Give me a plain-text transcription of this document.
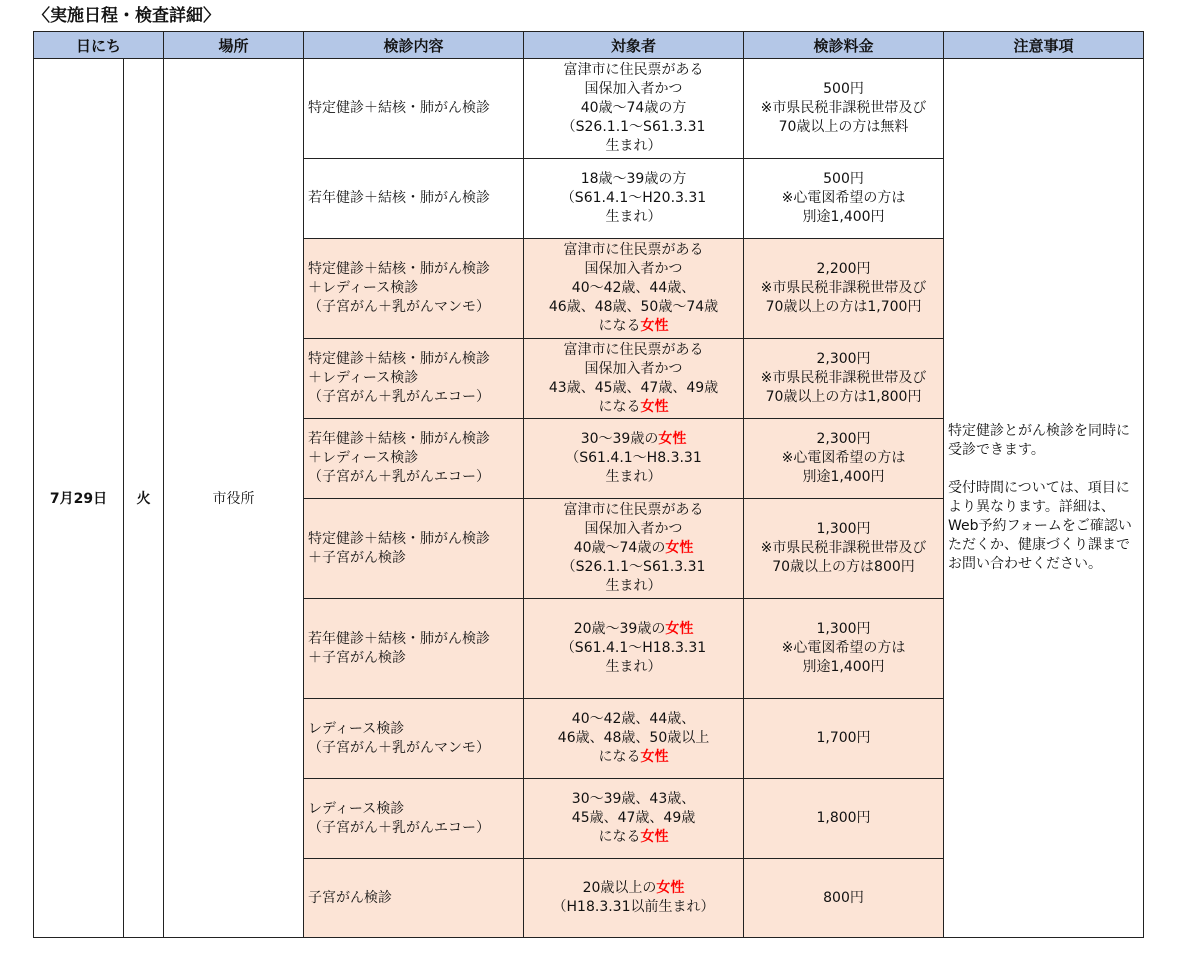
〈実施日程・検査詳細〉
日にち		場所	検診内容	対象者	検診料金	注意事項
7月29日	火	市役所	特定健診＋結核・肺がん検診	富津市に住民票がある
国保加入者かつ
40歳～74歳の方
（S26.1.1～S61.3.31
生まれ）	500円
※市県民税非課税世帯及び
70歳以上の方は無料	特定健診とがん検診を同時に受診できます。
受付時間については、項目により異なります。詳細は、Web予約フォームをご確認いただくか、健康づくり課までお問い合わせください。

			若年健診＋結核・肺がん検診	18歳～39歳の方
（S61.4.1～H20.3.31
生まれ）	500円
※心電図希望の方は
別途1,400円	

			特定健診＋結核・肺がん検診
＋レディース検診
（子宮がん＋乳がんマンモ）	富津市に住民票がある
国保加入者かつ
40～42歳、44歳、
46歳、48歳、50歳～74歳
になる女性	2,200円
※市県民税非課税世帯及び
70歳以上の方は1,700円	

			特定健診＋結核・肺がん検診
＋レディース検診
（子宮がん＋乳がんエコー）	富津市に住民票がある
国保加入者かつ
43歳、45歳、47歳、49歳
になる女性	2,300円
※市県民税非課税世帯及び
70歳以上の方は1,800円	

			若年健診＋結核・肺がん検診
＋レディース検診
（子宮がん＋乳がんエコー）	30～39歳の女性
（S61.4.1～H8.3.31
生まれ）	2,300円
※心電図希望の方は
別途1,400円	

			特定健診＋結核・肺がん検診
＋子宮がん検診	富津市に住民票がある
国保加入者かつ
40歳～74歳の女性
（S26.1.1～S61.3.31
生まれ）	1,300円
※市県民税非課税世帯及び
70歳以上の方は800円	

			若年健診＋結核・肺がん検診
＋子宮がん検診	20歳～39歳の女性
（S61.4.1～H18.3.31
生まれ）	1,300円
※心電図希望の方は
別途1,400円	

			レディース検診
（子宮がん＋乳がんマンモ）	40～42歳、44歳、
46歳、48歳、50歳以上
になる女性	1,700円	

			レディース検診
（子宮がん＋乳がんエコー）	30～39歳、43歳、
45歳、47歳、49歳
になる女性	1,800円	

			子宮がん検診	20歳以上の女性
（H18.3.31以前生まれ）	800円	
